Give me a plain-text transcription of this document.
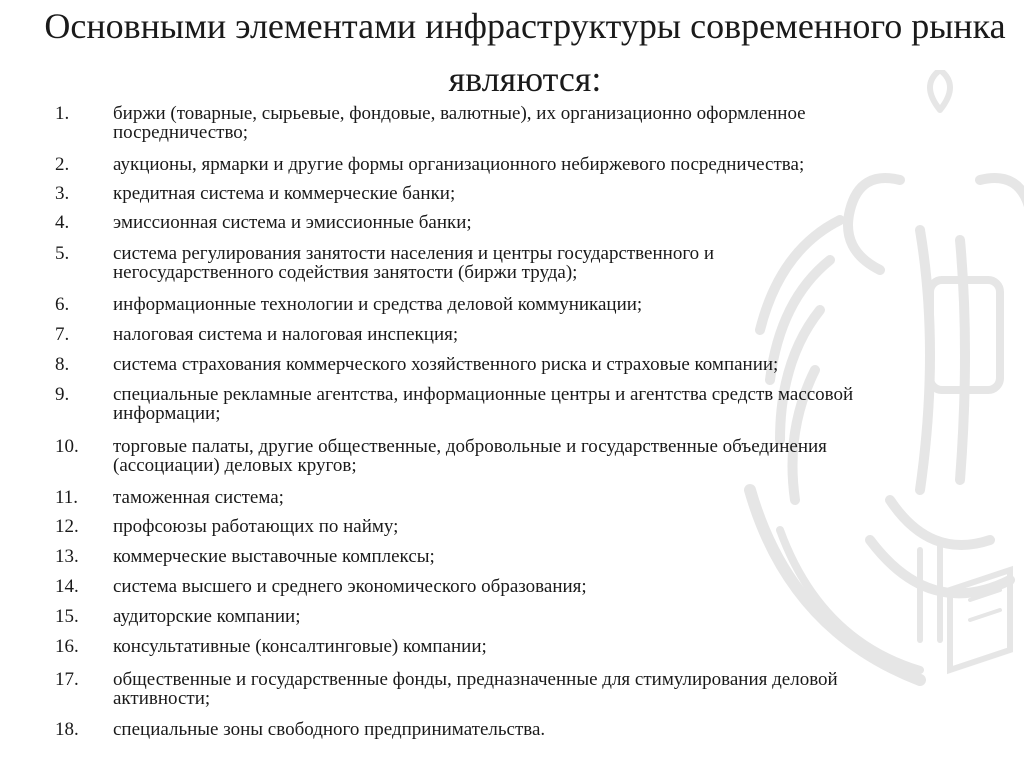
Основными элементами инфраструктуры современного рынка являются:
1. биржи (товарные, сырьевые, фондовые, валютные), их организационно оформленное
посредничество;
2. аукционы, ярмарки и другие формы организационного небиржевого посредничества;
3. кредитная система и коммерческие банки;
4. эмиссионная система и эмиссионные банки;
5. система регулирования занятости населения и центры государственного и
негосударственного содействия занятости (биржи труда);
6. информационные технологии и средства деловой коммуникации;
7. налоговая система и налоговая инспекция;
8. система страхования коммерческого хозяйственного риска и страховые компании;
9. специальные рекламные агентства, информационные центры и агентства средств массовой
информации;
10. торговые палаты, другие общественные, добровольные и государственные объединения
(ассоциации) деловых кругов;
11. таможенная система;
12. профсоюзы работающих по найму;
13. коммерческие выставочные комплексы;
14. система высшего и среднего экономического образования;
15. аудиторские компании;
16. консультативные (консалтинговые) компании;
17. общественные и государственные фонды, предназначенные для стимулирования деловой
активности;
18. специальные зоны свободного предпринимательства.
